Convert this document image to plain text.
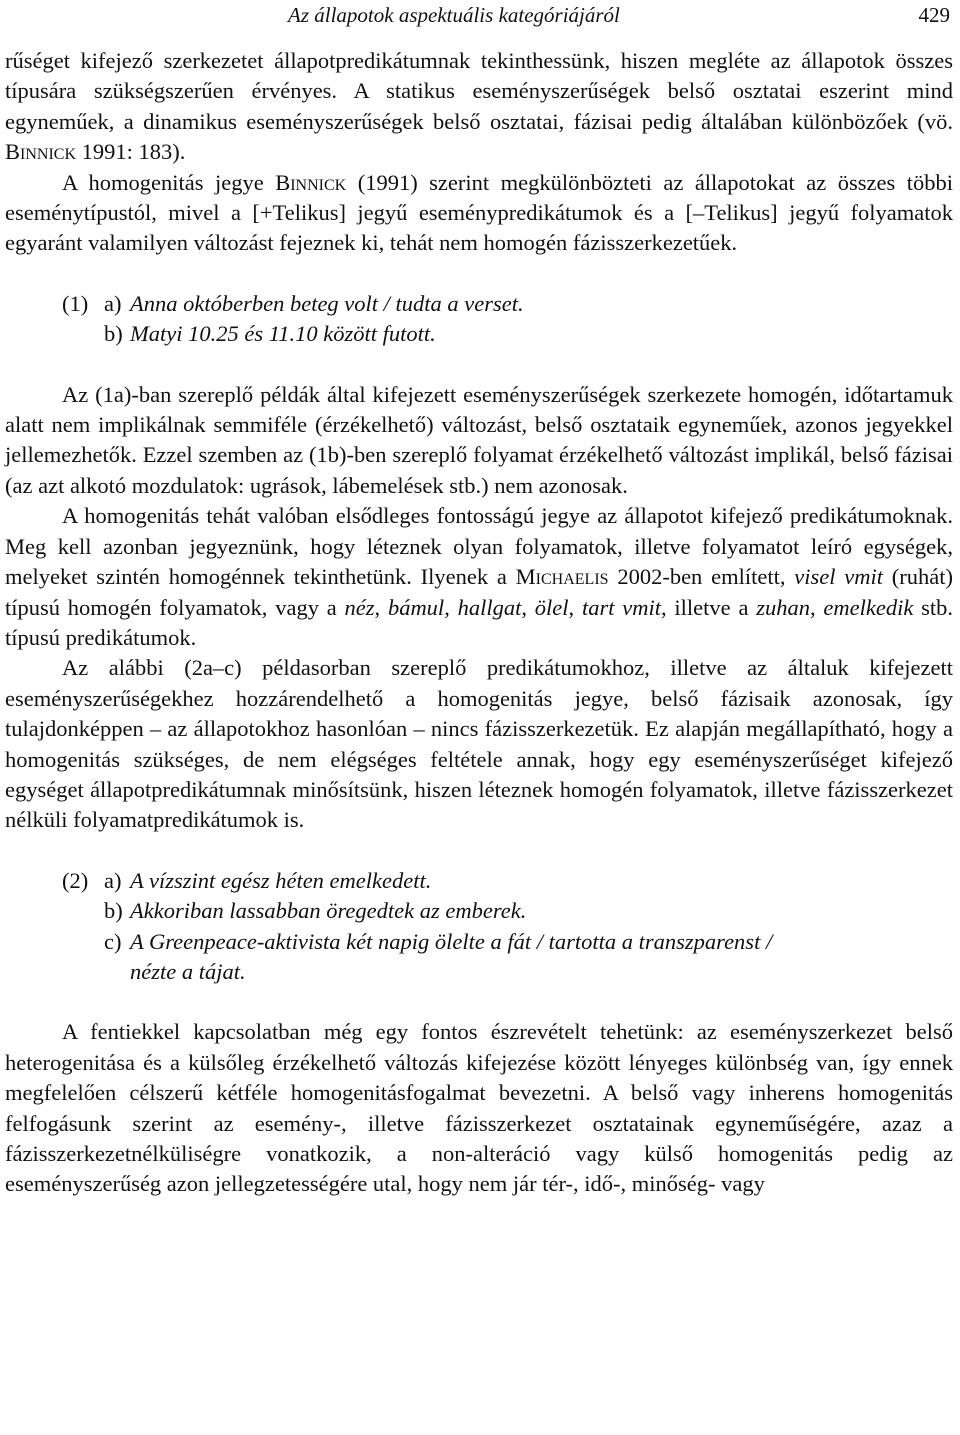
Az állapotok aspektuális kategóriájáról	429

rűséget kifejező szerkezetet állapotpredikátumnak tekinthessünk, hiszen megléte az állapotok összes típusára szükségszerűen érvényes. A statikus eseményszerűségek belső osztatai eszerint mind egyneműek, a dinamikus eseményszerűségek belső osztatai, fázisai pedig általában különbözőek (vö. Binnick 1991: 183).

A homogenitás jegye Binnick (1991) szerint megkülönbözteti az állapotokat az összes többi eseménytípustól, mivel a [+Telikus] jegyű eseménypredikátumok és a [–Telikus] jegyű folyamatok egyaránt valamilyen változást fejeznek ki, tehát nem homogén fázisszerkezetűek.

(1) a) Anna októberben beteg volt / tudta a verset.
b) Matyi 10.25 és 11.10 között futott.

Az (1a)-ban szereplő példák által kifejezett eseményszerűségek szerkezete homogén, időtartamuk alatt nem implikálnak semmiféle (érzékelhető) változást, belső osztataik egyneműek, azonos jegyekkel jellemezhetők. Ezzel szemben az (1b)-ben szereplő folyamat érzékelhető változást implikál, belső fázisai (az azt alkotó mozdulatok: ugrások, lábemelések stb.) nem azonosak.

A homogenitás tehát valóban elsődleges fontosságú jegye az állapotot kifejező predikátumoknak. Meg kell azonban jegyeznünk, hogy léteznek olyan folyamatok, illetve folyamatot leíró egységek, melyeket szintén homogénnek tekinthetünk. Ilyenek a Michaelis 2002-ben említett, visel vmit (ruhát) típusú homogén folyamatok, vagy a néz, bámul, hallgat, ölel, tart vmit, illetve a zuhan, emelkedik stb. típusú predikátumok.

Az alábbi (2a–c) példasorban szereplő predikátumokhoz, illetve az általuk kifejezett eseményszerűségekhez hozzárendelhető a homogenitás jegye, belső fázisaik azonosak, így tulajdonképpen – az állapotokhoz hasonlóan – nincs fázisszerkezetük. Ez alapján megállapítható, hogy a homogenitás szükséges, de nem elégséges feltétele annak, hogy egy eseményszerűséget kifejező egységet állapotpredikátumnak minősítsünk, hiszen léteznek homogén folyamatok, illetve fázisszerkezet nélküli folyamatpredikátumok is.

(2) a) A vízszint egész héten emelkedett.
b) Akkoriban lassabban öregedtek az emberek.
c) A Greenpeace-aktivista két napig ölelte a fát / tartotta a transzparenst /
nézte a tájat.

A fentiekkel kapcsolatban még egy fontos észrevételt tehetünk: az eseményszerkezet belső heterogenitása és a külsőleg érzékelhető változás kifejezése között lényeges különbség van, így ennek megfelelően célszerű kétféle homogenitásfogalmat bevezetni. A belső vagy inherens homogenitás felfogásunk szerint az esemény-, illetve fázisszerkezet osztatainak egyneműségére, azaz a fázisszerkezetnélküliségre vonatkozik, a non-alteráció vagy külső homogenitás pedig az eseményszerűség azon jellegzetességére utal, hogy nem jár tér-, idő-, minőség- vagy
